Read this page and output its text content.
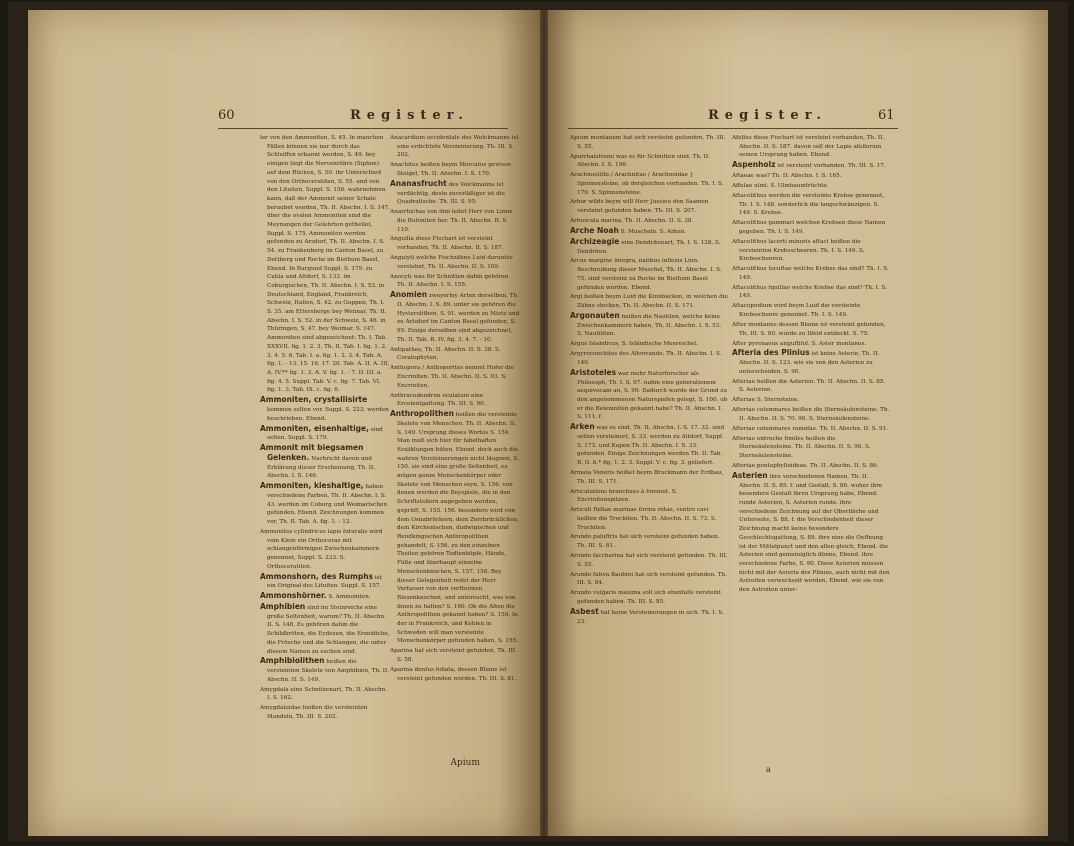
60	Register.

ler von den Ammoniten, S. 45. In manchen Fällen können sie nur durch das Schleiffen erkannt werden, S. 49. bey einigen liegt die Nervenröhre (Siphon) auf dem Rücken, S. 50. ihr Unterschied von den Orthoceratiten, S. 55. und von den Lituiten, Suppl. S. 156. wahrnehmen kann, daß der Ammonit seiner Schale beraubet worden, Th. II. Abschn. I. S. 147. über die ovalen Ammoniten sind die Meynungen der Gelehrten getheilet, Suppl. S. 175. Ammoniten werden gefunden zu Arsdorf, Th. II. Abschn. I. S. 54. zu Frankenberg im Canton Basel, zu Dettberg und Roche im Bisthum Basel, Ebend. In Burgund Suppl. S. 179. zu Cahla und Altdorf, S. 133. im Coburgischen, Th. II. Abschn. I. S. 53. in Deutschland, England, Frankreich, Schweiz, Italien, S. 42. zu Guppen, Th. I. S. 35. am Ettersberge bey Weimar, Th. II. Abschn. I. S. 52. in der Schweiz, S. 46. in Thüringen, S. 47. bey Weimar, S. 147. Ammoniten sind abgezeichnet: Th. I. Tab. XXXVII. fig. 1. 2. 3. Th. II. Tab. I. fig. 1. 2. 3. 4. 5. 6. Tab. I. a. fig. 1. 2. 3. 4. Tab. A. fig. 1. - 13. 15. 16. 17. 20. Tab. A. II. A. III. A. IV.** fig. 1. 3. A. V. fig. 1. - 7. D. III. a. fig. 4. 5. Suppl. Tab. V. c. fig. 7. Tab. VI. fig. 1. 3. Tab. IX. c. fig. 6.

Ammoniten, crystallisirte kommen selten vor. Suppl. S. 223. werden beschrieben. Ebend.

Ammoniten, eisenhaltige, sind selten. Suppl. S. 179.

Ammonit mit biegsamen Gelenken. Nachricht davon und Erklärung dieser Erscheinung, Th. II. Abschn. I. S. 146.

Ammoniten, kieshaltige, haben verschiedene Farben, Th. II. Abschn. I. S. 43. werden im Coburg und Weimarischen gefunden. Ebend. Zeichnungen kommen vor, Th. II. Tab. A. fig. 1. - 12.

Ammonites cylindricus lapis futuralis wird vom Klein ein Orthoceras mit schlangenförmigen Zwischenkammern genennet, Suppl. S. 233. S. Orthoceratiten.

Ammonshorn, des Rumphs ist ein Original des Lituiten. Suppl. S. 157.

Ammonshörner. S. Ammoniten.

Amphibien sind im Steinreiche eine große Seltenheit, warum? Th. II. Abschn. II. S. 148. Es gehören dahin die Schildkröten, die Eydexen, die Erzeidiche, die Frösche und die Schlangen, die unter diesem Namen zu suchen sind.

Amphibiolithen heißen die versteinten Skelete von Amphibien, Th. II. Abschn. II. S. 149.

Amygdala eine Schnitzenart, Th. II. Abschn. I. S. 162.

Amygdaloidae heißen die versteinten Mandeln, Th. III. S. 202.

Anacardium occidentale des Wolckmanns ist eine erdichtete Versteinerung. Th. III. S. 202.

Anachites heißen beym Mercatus gewisse Steigel, Th. II. Abschn. I. S. 170.

Ananasfrucht des Volckmanns ist verdächtig, desto zuverläßiger ist die Quadratische. Th. III. S. 95.

Anarrhichas von ihm leitet Herr von Linne die Bufoniten her. Th. II. Abschn. II. S. 110.

Anguilla diese Fischart ist versteint vorhanden, Th. II. Abschn. II. S. 187.

Anguiyti welche Fischzähne Luid darunter verstehet, Th. II. Abschn. II. S. 109.

Anocyti was für Schnitten dahin gehören. Th. II. Abschn. I. S. 155.

Anomien zweyerley Arten derselben. Th. II. Abschn. I. S. 89. unter sie gehören die Hysterolithen, S. 91. werden zu Mietz und zu Arlsdorf im Canton Basel gefunden, S. 95. Einige derselben sind abgezeichnet, Th. II. Tab. B. IV. fig. 3. 4. 7. - 10.

Antipathes, Th. II. Abschn. II. S. 38. S. Ceratophyten.

Anthopora / Anthoporites nennet Hofer die Encriniten. Th. II. Abschn. II. S. 93. S. Encriniten.

Anthracodendron oculatum eine Ercelentgattung. Th. III. S. 90.

Anthropolithen heißen die versteinte Skelete von Menschen. Th. II. Abschn. II. S. 149. Ursprung dieses Wortes S. 154. Man muß sich hier für fabelhaften Erzählungen hüten, Ebend. doch auch die wahren Versteinerungen nicht läugnen, S. 150. sie sind eine große Seltenheit, es mögen ganze Menschenkörper oder Skelete von Menschen seyn, S. 156. von denen werden die Beyspiele, die in den Schriftstellern angegeben werden, geprüft, S. 155. 156. besonders wird von dem Osnabrückern, dem Zerrbrücklichen, dem Kirchenischen, dudwigischen und Rendkingischen Anthropolithen gehandelt, S. 156. zu den einzelnen Theilen gehören Todtenköpfe, Hände, Füße und überhaupt einzelne Menschenknochen, S. 157. 158. Bey dieser Gelegenheit redet der Herr Verfasser von den verfteinten Riesenknochen, und untersucht, was von ihnen zu halten? S. 160. Ob die Alten die Anthropolithen gekannt haben? S. 159. In der in Frankreich, und Kohlen in Schweden will man versteinte Menschenkörper gefunden haben, S. 155.

Aparina hat sich versteint gefunden, Th. III. S. 58.

Aparina denfus foliata, dessen Blume ist versteint gefunden worden. Th. III. S. 81.

Apium
Register.	61

Apium montanum hat sich versteint gefunden, Th. III. S. 55.

Aporrhaisfosmi was es für Schnitten sind. Th. II. Abschn. I. S. 196.

Arachnoolithi / Arachnitae / Arachnoidae } Spinnensteine, ob dergleichen vorhanden. Th. I. S. 179. S. Spinnensteine.

Arbor wilds beym will Herr Jussieu den Saamen versteint gefunden haben. Th. III. S. 207.

Arbuscula marina. Th. II. Abschn. II. S. 38.

Arche Noah S. Muscheln. S. Arken.

Archizeagie eine Dendritenart, Th. I. S. 128. S. Dendriten.

Arcus margine integra, natibus inflexis Linn. Beschreibung dieser Muschel, Th. II. Abschn. I. S. 75. sind versteint zu Roche im Bisthum Basel gefunden worden. Ebend.

Argi heißen beym Luid die Kinnbacken, in welchen die Zähne stecken, Th. II. Abschn. II. S. 171.

Argonauten heißen die Nautilen, welche keine Zwischenkammern haben, Th. II. Abschn. I. S. 53. S. Nautiliten.

Argus Islandicus, S. Isländische Meereichel.

Argyroconchites des Altrovando, Th. II. Abschn. I. S. 140.

Aristoteles war mehr Naturforscher als Philosoph, Th. I. S. 97. nahm eine generationem aequivocam an, S. 99. Dadurch wurde der Grund zu den angenommenen Naturspielen gelegt, S. 100. ob er die Belemniten gekannt habe? Th. II. Abschn. I. S. 111. f.

Arken was es sind, Th. II. Abschn. I. S. 17. 32. sind selten versteinert, S. 33. werden zu Altdorf, Suppl. S. 173. und Kapen Th. II. Abschn. I. S. 33. gefunden. Einige Zeichnungen werden Th. II. Tab. B. II. b.* fig. 1. 2. 3. Suppl. V. c. fig. 3. geliefert.

Armata Veneris heißet beym Bruckmann der Erdbau, Th. III. S. 171.

Articulations branchues à fommet. S. Encrinitenspitzen.

Articuli ftellae marinae forma rotae, centro cavi heißen die Trochiten. Th. II. Abschn. II. S. 73. S. Trochiten.

Arundo paluftris hat sich versteint gefunden haben. Th. III. S. 81.

Arundo faccharina hat sich versteint gefunden. Th. III. S. 55.

Arundo fativa Bauhini hat sich versteint gefunden. Th. III. S. 84.

Arundo vulgaris maxima soll sich ebenfalls versteint gefunden haben. Th. III. S. 85.

Asbest hat keine Versteinerungen in sich. Th. I. S. 23.

Afellus diese Fischart ist versteint vorhanden, Th. II. Abschn. II. S. 187. davon soll der Lapis afellorum seinen Ursprung haben. Ebend.

Aspenholz ist versteint vorhanden. Th. III. S. 17.

Aftaeae was? Th. II. Abschn. I. S. 165.

Affulae ulmi. S. Ulmbaumfrüchte.

Aftacolithus werden die versteinte Krebse genennet, Th. I. S. 148. sonderlich die langschwänzigen. S. 149. S. Krebse.

Aftacolithus gammari welchen Krebsen diese Namen gegeben. Th. I. S. 149.

Aftacolithus lacerti minoris aftaci heißen die versteinten Krebsscheeren. Th. I. S. 149. S. Krebsscheeren.

Aftacolithus locuftae welche Krebse das sind? Th. I. S. 149.

Aftacolithus fquillae welche Krebse das sind? Th. I. S. 149.

Aftacopodium wird beym Luid die versteinte Krebsscheere genennet. Th. I. S. 149.

After montanus dessen Blume ist versteint gefunden, Th. III. S. 80. wurde zu Ilfeld entdeckt. S. 75.

After pyrenaeus anguftifol. S. Aster montanus.

Afteria des Plinius ist keine Asterie, Th. II. Abschn. II. S. 123. wie sie von den Asterien zu unterscheiden. S. 90.

Afteriae heißen die Asterien. Th. II. Abschn. II. S. 85. S. Asterien.

Afteriae S. Sternsteine.

Afteriae columnares heißen die Sternsäulensteine. Th. II. Abschn. II. S. 70. 90. S. Sternsäulensteine.

Afteriae columnares ramofae. Th. II. Abschn. II. S. 91.

Afteriae entrocho fimiles heißen die Sternsäulensteine. Th. II. Abschn. II. S. 90. S. Sternsäulensteine.

Afteriae pentaphylloideae. Th. II. Abschn. II. S. 86.

Asterien ihre verschiedenen Namen, Th. II. Abschn. II. S. 85. f. und Gestalt, S. 86. woher ihre besondere Gestalt ihren Ursprung habe, Ebend. runde Asterien, S. Asterien runde. ihre verschiedene Zeichnung auf der Oberfläche und Unterseite, S. 88. f. die Verschiedenheit dieser Zeichnung macht keine besondere Geschlechtsgattung, S. 89. ihre eine die Oeffnung ist der Mittelpunct und den allen gleich, Ebend. die Asterien sind gemeiniglich dünne, Ebend. ihre verschiedene Farbe, S. 90. Diese Asterien müssen nicht mit der Asteria des Plinius, auch nicht mit den Astroiten verwechselt werden, Ebend. wie sie von den Astroiten unter-

a
